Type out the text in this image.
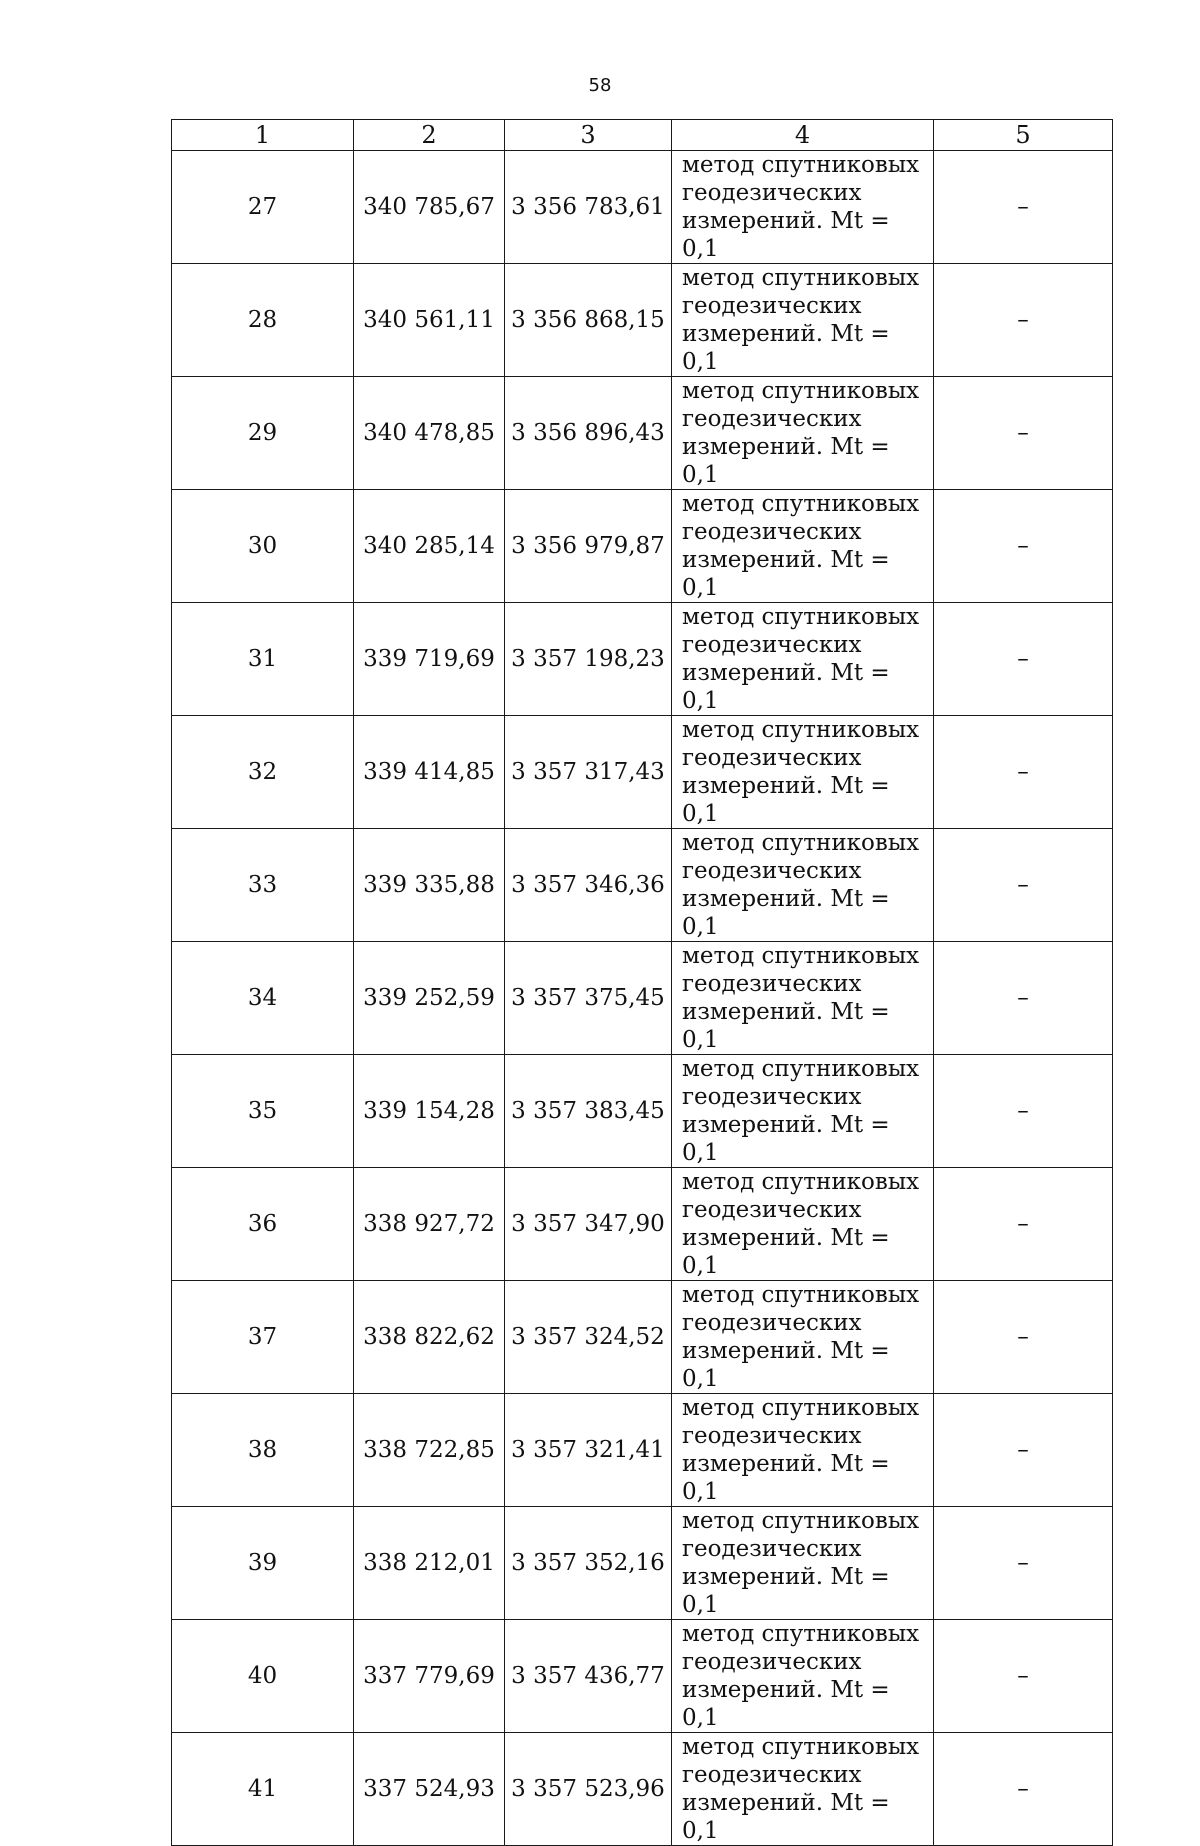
58
1	2	3	4	5
27	340 785,67	3 356 783,61	метод спутниковых
геодезических
измерений. Mt = 0,1	–
28	340 561,11	3 356 868,15	метод спутниковых
геодезических
измерений. Mt = 0,1	–
29	340 478,85	3 356 896,43	метод спутниковых
геодезических
измерений. Mt = 0,1	–
30	340 285,14	3 356 979,87	метод спутниковых
геодезических
измерений. Mt = 0,1	–
31	339 719,69	3 357 198,23	метод спутниковых
геодезических
измерений. Mt = 0,1	–
32	339 414,85	3 357 317,43	метод спутниковых
геодезических
измерений. Mt = 0,1	–
33	339 335,88	3 357 346,36	метод спутниковых
геодезических
измерений. Mt = 0,1	–
34	339 252,59	3 357 375,45	метод спутниковых
геодезических
измерений. Mt = 0,1	–
35	339 154,28	3 357 383,45	метод спутниковых
геодезических
измерений. Mt = 0,1	–
36	338 927,72	3 357 347,90	метод спутниковых
геодезических
измерений. Mt = 0,1	–
37	338 822,62	3 357 324,52	метод спутниковых
геодезических
измерений. Mt = 0,1	–
38	338 722,85	3 357 321,41	метод спутниковых
геодезических
измерений. Mt = 0,1	–
39	338 212,01	3 357 352,16	метод спутниковых
геодезических
измерений. Mt = 0,1	–
40	337 779,69	3 357 436,77	метод спутниковых
геодезических
измерений. Mt = 0,1	–
41	337 524,93	3 357 523,96	метод спутниковых
геодезических
измерений. Mt = 0,1	–
